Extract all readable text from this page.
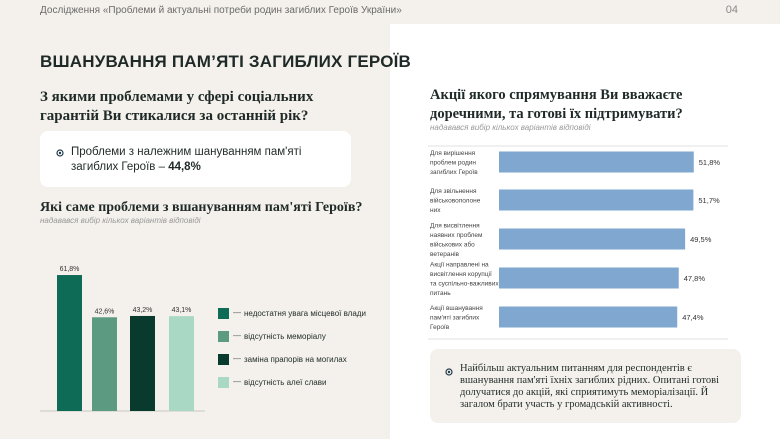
Дослідження «Проблеми й актуальні потреби родин загиблих Героїв України»	04
ВШАНУВАННЯ ПАМ’ЯТІ ЗАГИБЛИХ ГЕРОЇВ
З якими проблемами у сфері соціальних гарантій Ви стикалися за останній рік?
Проблеми з належним шануванням пам'яті загиблих Героїв – 44,8%
Які саме проблеми з вшануванням пам'яті Героїв?
надавався вибір кількох варіантів відповіді
61,8%
42,6%	43,2%	43,1%	— недостатня увага місцевої влади
— відсутність меморіалу
— заміна прапорів на могилах
— відсутність алеї слави
Акції якого спрямування Ви вважаєте доречними, та готові їх підтримувати?
надавався вибір кількох варіантів відповіді
51,8%
Для вирішення проблем родин загиблих Героїв
51,7%
Для звільнення військовополоне них
49,5%
Для висвітлення наявних проблем військових або ветеранів
47,8%
Акції направлені на висвітлення корупції та суспільно-важливих питань
47,4%
Акції вшанування пам'яті загиблих Героїв
Найбільш актуальним питанням для респондентів є вшанування пам'яті їхніх загиблих рідних. Опитані готові долучатися до акцій, які сприятимуть меморіалізації. Й загалом брати участь у громадській активності.
